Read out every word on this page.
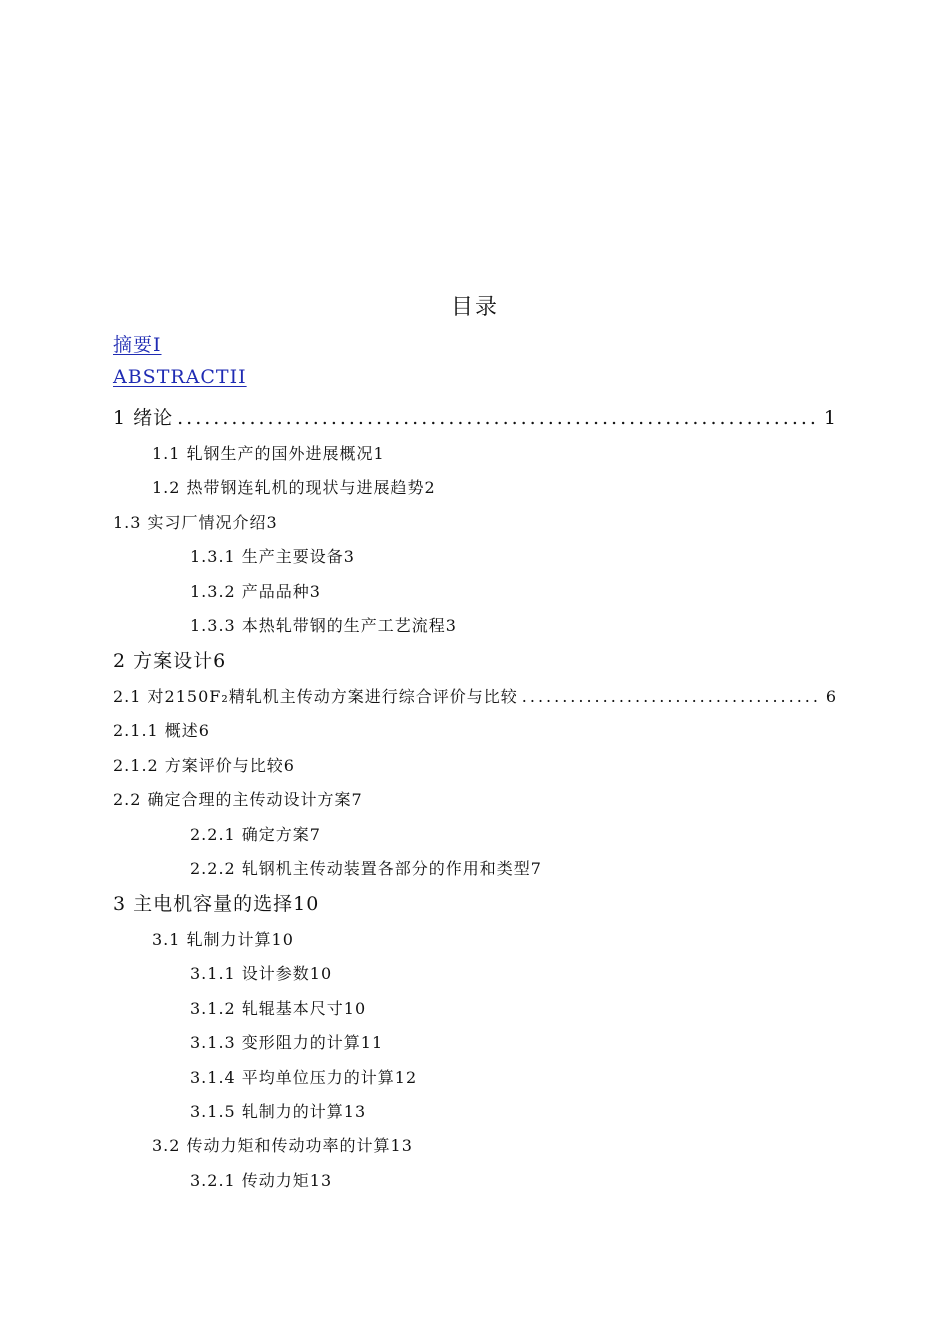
目录
摘要I
ABSTRACTII
1 绪论 .....	1
1.1 轧钢生产的国外进展概况1
1.2 热带钢连轧机的现状与进展趋势2
1.3 实习厂情况介绍3
1.3.1 生产主要设备3
1.3.2 产品品种3
1.3.3 本热轧带钢的生产工艺流程3
2 方案设计6
2.1 对2150F₂精轧机主传动方案进行综合评价与比较 .....	6
2.1.1 概述6
2.1.2 方案评价与比较6
2.2 确定合理的主传动设计方案7
2.2.1 确定方案7
2.2.2 轧钢机主传动装置各部分的作用和类型7
3 主电机容量的选择10
3.1 轧制力计算10
3.1.1 设计参数10
3.1.2 轧辊基本尺寸10
3.1.3 变形阻力的计算11
3.1.4 平均单位压力的计算12
3.1.5 轧制力的计算13
3.2 传动力矩和传动功率的计算13
3.2.1 传动力矩13
